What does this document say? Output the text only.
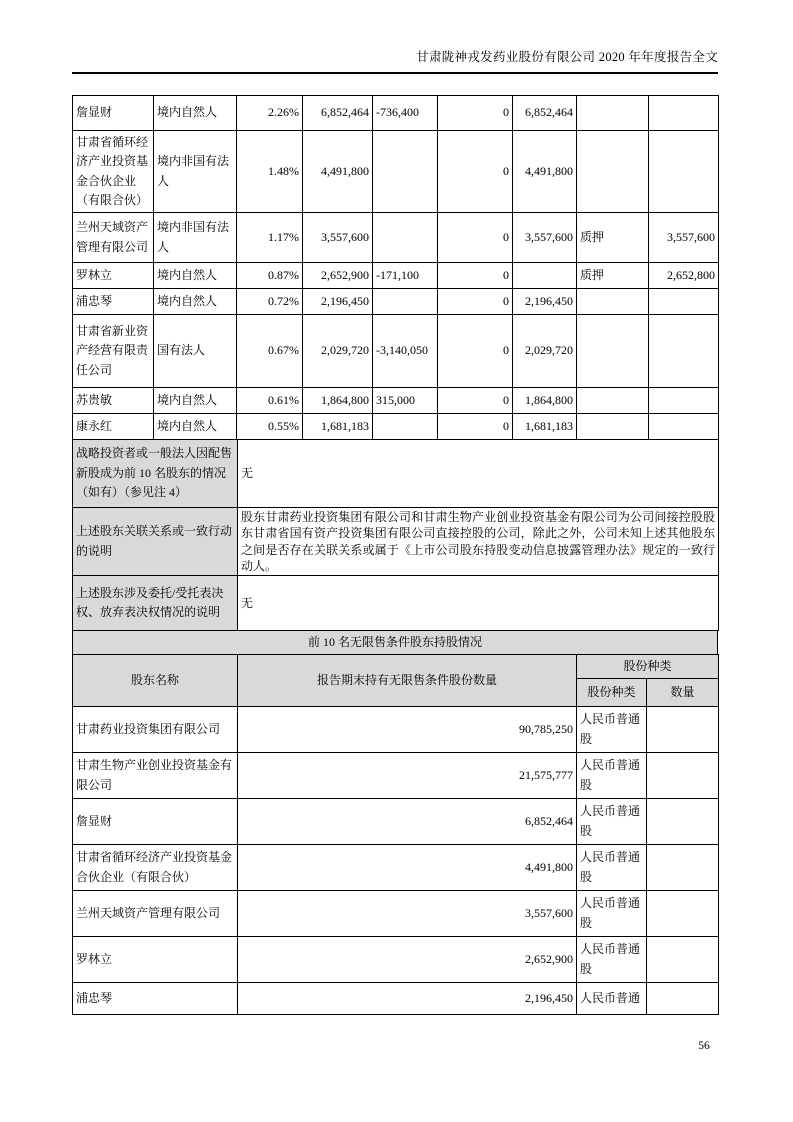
甘肃陇神戎发药业股份有限公司 2020 年年度报告全文
詹显财	境内自然人	2.26%	6,852,464	-736,400	0	6,852,464		
甘肃省循环经济产业投资基金合伙企业（有限合伙）	境内非国有法人	1.48%	4,491,800		0	4,491,800		
兰州天域资产管理有限公司	境内非国有法人	1.17%	3,557,600		0	3,557,600	质押	3,557,600
罗林立	境内自然人	0.87%	2,652,900	-171,100	0		质押	2,652,800
浦忠琴	境内自然人	0.72%	2,196,450		0	2,196,450		
甘肃省新业资产经营有限责任公司	国有法人	0.67%	2,029,720	-3,140,050	0	2,029,720		
苏贵敏	境内自然人	0.61%	1,864,800	315,000	0	1,864,800		
康永红	境内自然人	0.55%	1,681,183		0	1,681,183		
战略投资者或一般法人因配售新股成为前 10 名股东的情况（如有）（参见注 4）	无
上述股东关联关系或一致行动的说明	股东甘肃药业投资集团有限公司和甘肃生物产业创业投资基金有限公司为公司间接控股股东甘肃省国有资产投资集团有限公司直接控股的公司，除此之外，公司未知上述其他股东之间是否存在关联关系或属于《上市公司股东持股变动信息披露管理办法》规定的一致行动人。
上述股东涉及委托/受托表决权、放弃表决权情况的说明	无
前 10 名无限售条件股东持股情况
股东名称	报告期末持有无限售条件股份数量	股份种类	
		股份种类	数量
甘肃药业投资集团有限公司	90,785,250	人民币普通股	
甘肃生物产业创业投资基金有限公司	21,575,777	人民币普通股	
詹显财	6,852,464	人民币普通股	
甘肃省循环经济产业投资基金合伙企业（有限合伙）	4,491,800	人民币普通股	
兰州天域资产管理有限公司	3,557,600	人民币普通股	
罗林立	2,652,900	人民币普通股	
浦忠琴	2,196,450	人民币普通	
56
